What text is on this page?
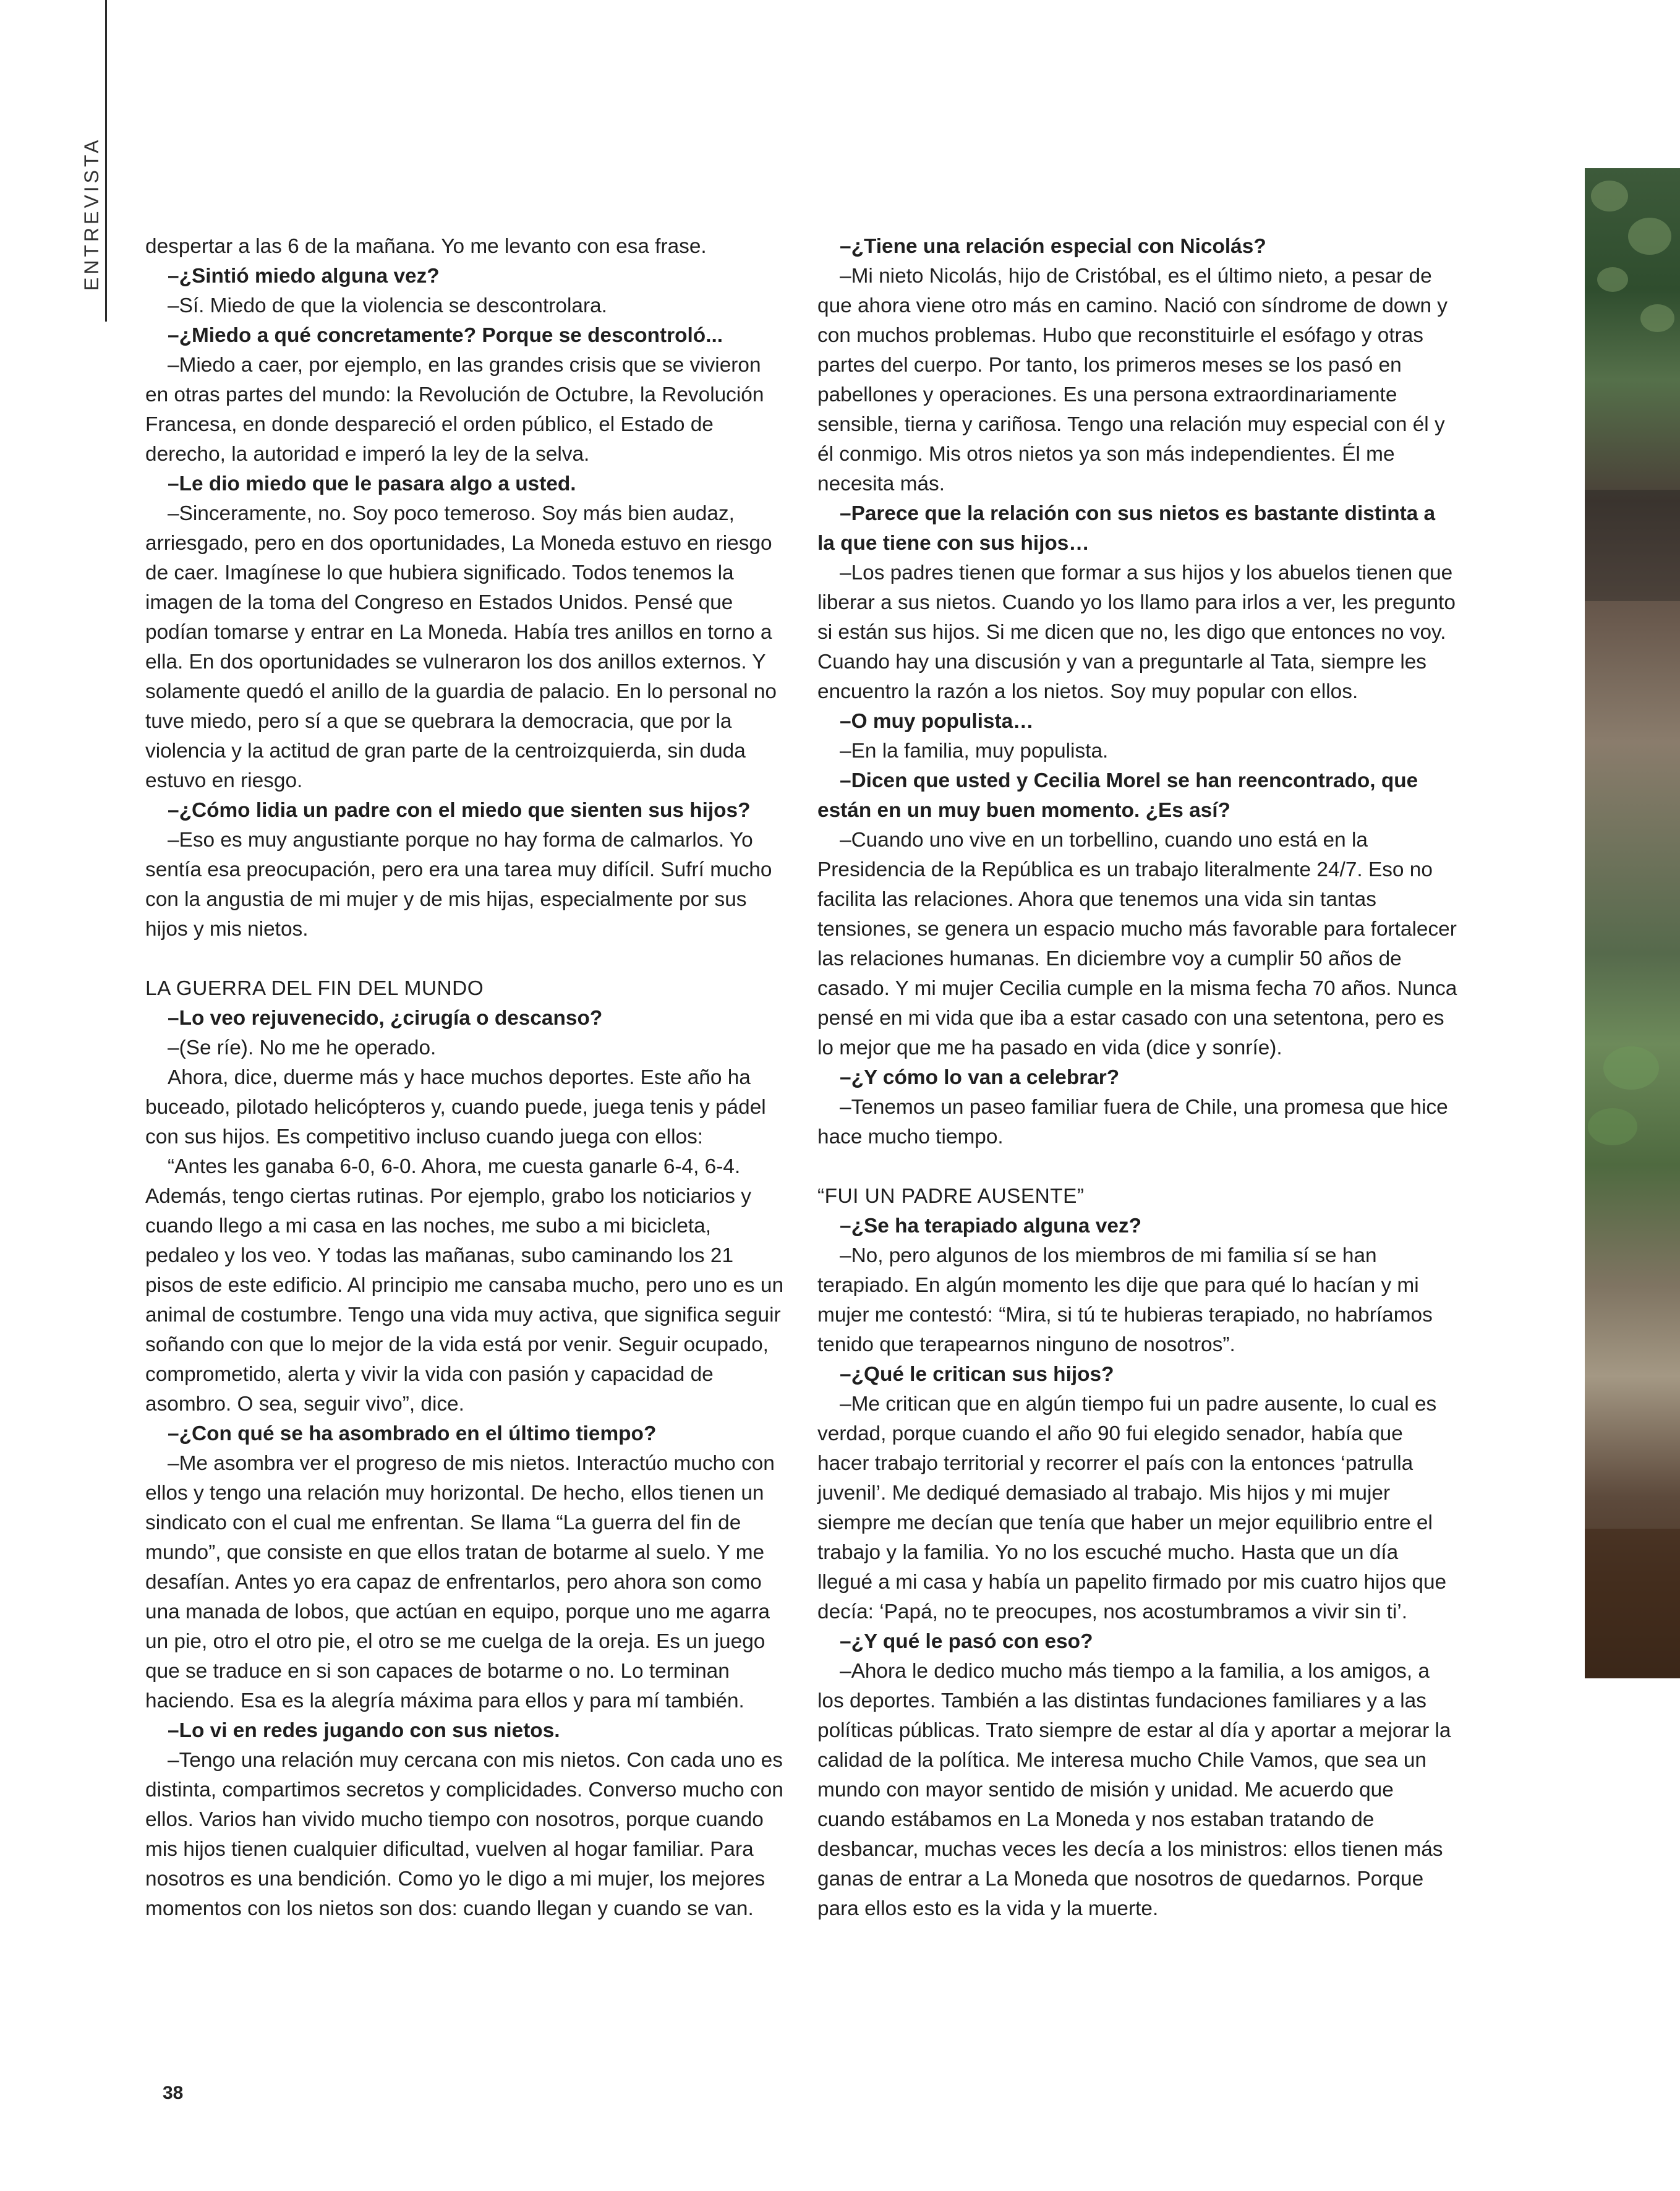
ENTREVISTA despertar a las 6 de la mañana. Yo me levanto con esa frase.

–¿Sintió miedo alguna vez?

–Sí. Miedo de que la violencia se descontrolara.

–¿Miedo a qué concretamente? Porque se descontroló...

–Miedo a caer, por ejemplo, en las grandes crisis que se vivieron en otras partes del mundo: la Revolución de Octubre, la Revolución Francesa, en donde despareció el orden público, el Estado de derecho, la autoridad e imperó la ley de la selva.

–Le dio miedo que le pasara algo a usted.

–Sinceramente, no. Soy poco temeroso. Soy más bien audaz, arriesgado, pero en dos oportunidades, La Moneda estuvo en riesgo de caer. Imagínese lo que hubiera significado. Todos tenemos la imagen de la toma del Congreso en Estados Unidos. Pensé que podían tomarse y entrar en La Moneda. Había tres anillos en torno a ella. En dos oportunidades se vulneraron los dos anillos externos. Y solamente quedó el anillo de la guardia de palacio. En lo personal no tuve miedo, pero sí a que se quebrara la democracia, que por la violencia y la actitud de gran parte de la centroizquierda, sin duda estuvo en riesgo.

–¿Cómo lidia un padre con el miedo que sienten sus hijos?

–Eso es muy angustiante porque no hay forma de calmarlos. Yo sentía esa preocupación, pero era una tarea muy difícil. Sufrí mucho con la angustia de mi mujer y de mis hijas, especialmente por sus hijos y mis nietos.

LA GUERRA DEL FIN DEL MUNDO

–Lo veo rejuvenecido, ¿cirugía o descanso?

–(Se ríe). No me he operado.

Ahora, dice, duerme más y hace muchos deportes. Este año ha buceado, pilotado helicópteros y, cuando puede, juega tenis y pádel con sus hijos. Es competitivo incluso cuando juega con ellos:

“Antes les ganaba 6-0, 6-0. Ahora, me cuesta ganarle 6-4, 6-4. Además, tengo ciertas rutinas. Por ejemplo, grabo los noticiarios y cuando llego a mi casa en las noches, me subo a mi bicicleta, pedaleo y los veo. Y todas las mañanas, subo caminando los 21 pisos de este edificio. Al principio me cansaba mucho, pero uno es un animal de costumbre. Tengo una vida muy activa, que significa seguir soñando con que lo mejor de la vida está por venir. Seguir ocupado, comprometido, alerta y vivir la vida con pasión y capacidad de asombro. O sea, seguir vivo”, dice.

–¿Con qué se ha asombrado en el último tiempo?

–Me asombra ver el progreso de mis nietos. Interactúo mucho con ellos y tengo una relación muy horizontal. De hecho, ellos tienen un sindicato con el cual me enfrentan. Se llama “La guerra del fin de mundo”, que consiste en que ellos tratan de botarme al suelo. Y me desafían. Antes yo era capaz de enfrentarlos, pero ahora son como una manada de lobos, que actúan en equipo, porque uno me agarra un pie, otro el otro pie, el otro se me cuelga de la oreja. Es un juego que se traduce en si son capaces de botarme o no. Lo terminan haciendo. Esa es la alegría máxima para ellos y para mí también.

–Lo vi en redes jugando con sus nietos.

–Tengo una relación muy cercana con mis nietos. Con cada uno es distinta, compartimos secretos y complicidades. Converso mucho con ellos. Varios han vivido mucho tiempo con nosotros, porque cuando mis hijos tienen cualquier dificultad, vuelven al hogar familiar. Para nosotros es una bendición. Como yo le digo a mi mujer, los mejores momentos con los nietos son dos: cuando llegan y cuando se van.

–¿Tiene una relación especial con Nicolás?

–Mi nieto Nicolás, hijo de Cristóbal, es el último nieto, a pesar de que ahora viene otro más en camino. Nació con síndrome de down y con muchos problemas. Hubo que reconstituirle el esófago y otras partes del cuerpo. Por tanto, los primeros meses se los pasó en pabellones y operaciones. Es una persona extraordinariamente sensible, tierna y cariñosa. Tengo una relación muy especial con él y él conmigo. Mis otros nietos ya son más independientes. Él me necesita más.

–Parece que la relación con sus nietos es bastante distinta a la que tiene con sus hijos…

–Los padres tienen que formar a sus hijos y los abuelos tienen que liberar a sus nietos. Cuando yo los llamo para irlos a ver, les pregunto si están sus hijos. Si me dicen que no, les digo que entonces no voy. Cuando hay una discusión y van a preguntarle al Tata, siempre les encuentro la razón a los nietos. Soy muy popular con ellos.

–O muy populista…

–En la familia, muy populista.

–Dicen que usted y Cecilia Morel se han reencontrado, que están en un muy buen momento. ¿Es así?

–Cuando uno vive en un torbellino, cuando uno está en la Presidencia de la República es un trabajo literalmente 24/7. Eso no facilita las relaciones. Ahora que tenemos una vida sin tantas tensiones, se genera un espacio mucho más favorable para fortalecer las relaciones humanas. En diciembre voy a cumplir 50 años de casado. Y mi mujer Cecilia cumple en la misma fecha 70 años. Nunca pensé en mi vida que iba a estar casado con una setentona, pero es lo mejor que me ha pasado en vida (dice y sonríe).

–¿Y cómo lo van a celebrar?

–Tenemos un paseo familiar fuera de Chile, una promesa que hice hace mucho tiempo.

“FUI UN PADRE AUSENTE”

–¿Se ha terapiado alguna vez?

–No, pero algunos de los miembros de mi familia sí se han terapiado. En algún momento les dije que para qué lo hacían y mi mujer me contestó: “Mira, si tú te hubieras terapiado, no habríamos tenido que terapearnos ninguno de nosotros”.

–¿Qué le critican sus hijos?

–Me critican que en algún tiempo fui un padre ausente, lo cual es verdad, porque cuando el año 90 fui elegido senador, había que hacer trabajo territorial y recorrer el país con la entonces ‘patrulla juvenil’. Me dediqué demasiado al trabajo. Mis hijos y mi mujer siempre me decían que tenía que haber un mejor equilibrio entre el trabajo y la familia. Yo no los escuché mucho. Hasta que un día llegué a mi casa y había un papelito firmado por mis cuatro hijos que decía: ‘Papá, no te preocupes, nos acostumbramos a vivir sin ti’.

–¿Y qué le pasó con eso?

–Ahora le dedico mucho más tiempo a la familia, a los amigos, a los deportes. También a las distintas fundaciones familiares y a las políticas públicas. Trato siempre de estar al día y aportar a mejorar la calidad de la política. Me interesa mucho Chile Vamos, que sea un mundo con mayor sentido de misión y unidad. Me acuerdo que cuando estábamos en La Moneda y nos estaban tratando de desbancar, muchas veces les decía a los ministros: ellos tienen más ganas de entrar a La Moneda que nosotros de quedarnos. Porque para ellos esto es la vida y la muerte.

38
